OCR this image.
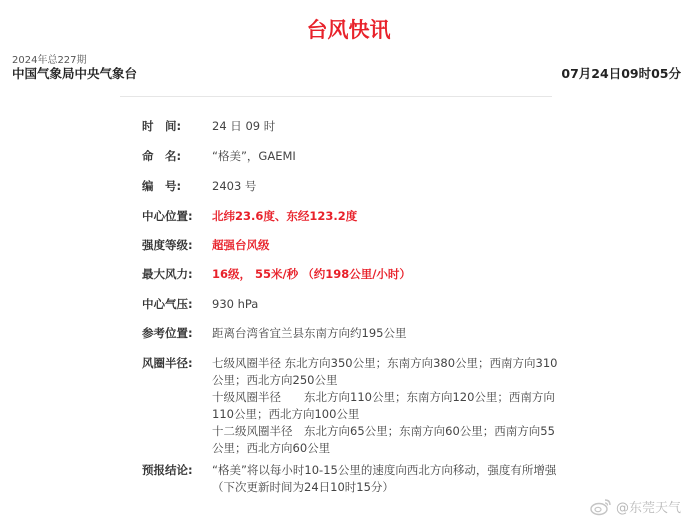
台风快讯
2024年总227期
中国气象局中央气象台	07月24日09时05分
时　间:	24 日 09 时
命　名:	“格美”，GAEMI
编　号:	2403 号
中心位置:	北纬23.6度、东经123.2度
强度等级:	超强台风级
最大风力:	16级， 55米/秒 （约198公里/小时）
中心气压:	930 hPa
参考位置:	距离台湾省宜兰县东南方向约195公里
风圈半径:	七级风圈半径 东北方向350公里；东南方向380公里；西南方向310
公里；西北方向250公里
十级风圈半径　　东北方向110公里；东南方向120公里；西南方向
110公里；西北方向100公里
十二级风圈半径　东北方向65公里；东南方向60公里；西南方向55
公里；西北方向60公里
预报结论:	“格美”将以每小时10-15公里的速度向西北方向移动，强度有所增强
（下次更新时间为24日10时15分）
@东莞天气
